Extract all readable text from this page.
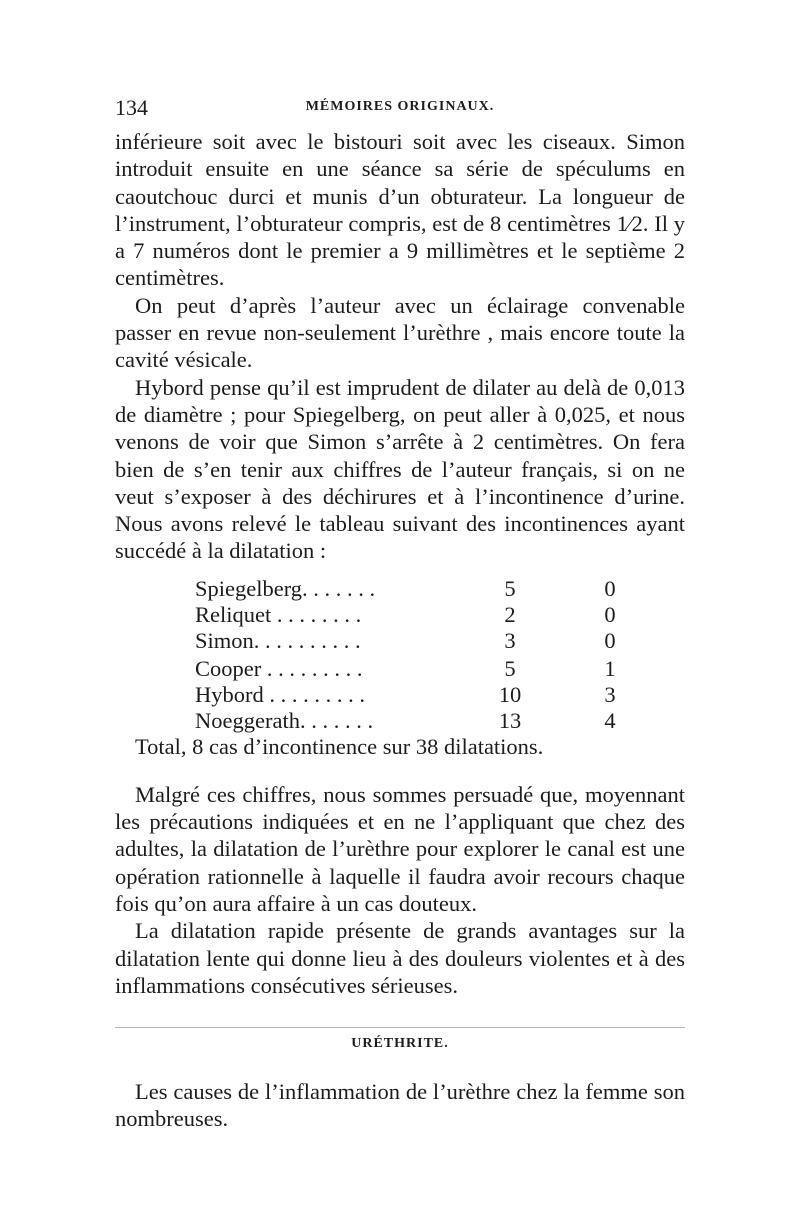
134	MÉMOIRES ORIGINAUX.

inférieure soit avec le bistouri soit avec les ciseaux. Simon introduit ensuite en une séance sa série de spéculums en caoutchouc durci et munis d’un obturateur. La longueur de l’instrument, l’obturateur compris, est de 8 centimètres 1⁄2. Il y a 7 numéros dont le premier a 9 millimètres et le septième 2 centimètres.

On peut d’après l’auteur avec un éclairage convenable passer en revue non-seulement l’urèthre , mais encore toute la cavité vésicale.

Hybord pense qu’il est imprudent de dilater au delà de 0,013 de diamètre ; pour Spiegelberg, on peut aller à 0,025, et nous venons de voir que Simon s’arrête à 2 centimètres. On fera bien de s’en tenir aux chiffres de l’auteur français, si on ne veut s’exposer à des déchirures et à l’incontinence d’urine. Nous avons relevé le tableau suivant des incontinences ayant succédé à la dilatation :

Spiegelberg. . . . . . .	5	0
Reliquet . . . . . . . .	2	0
Simon. . . . . . . . . .	3	0
Cooper . . . . . . . . .	5	1
Hybord . . . . . . . . .	10	3
Noeggerath. . . . . . .	13	4

Total, 8 cas d’incontinence sur 38 dilatations.

Malgré ces chiffres, nous sommes persuadé que, moyennant les précautions indiquées et en ne l’appliquant que chez des adultes, la dilatation de l’urèthre pour explorer le canal est une opération rationnelle à laquelle il faudra avoir recours chaque fois qu’on aura affaire à un cas douteux.

La dilatation rapide présente de grands avantages sur la dilatation lente qui donne lieu à des douleurs violentes et à des inflammations consécutives sérieuses.

URÉTHRITE.

Les causes de l’inflammation de l’urèthre chez la femme son nombreuses.
